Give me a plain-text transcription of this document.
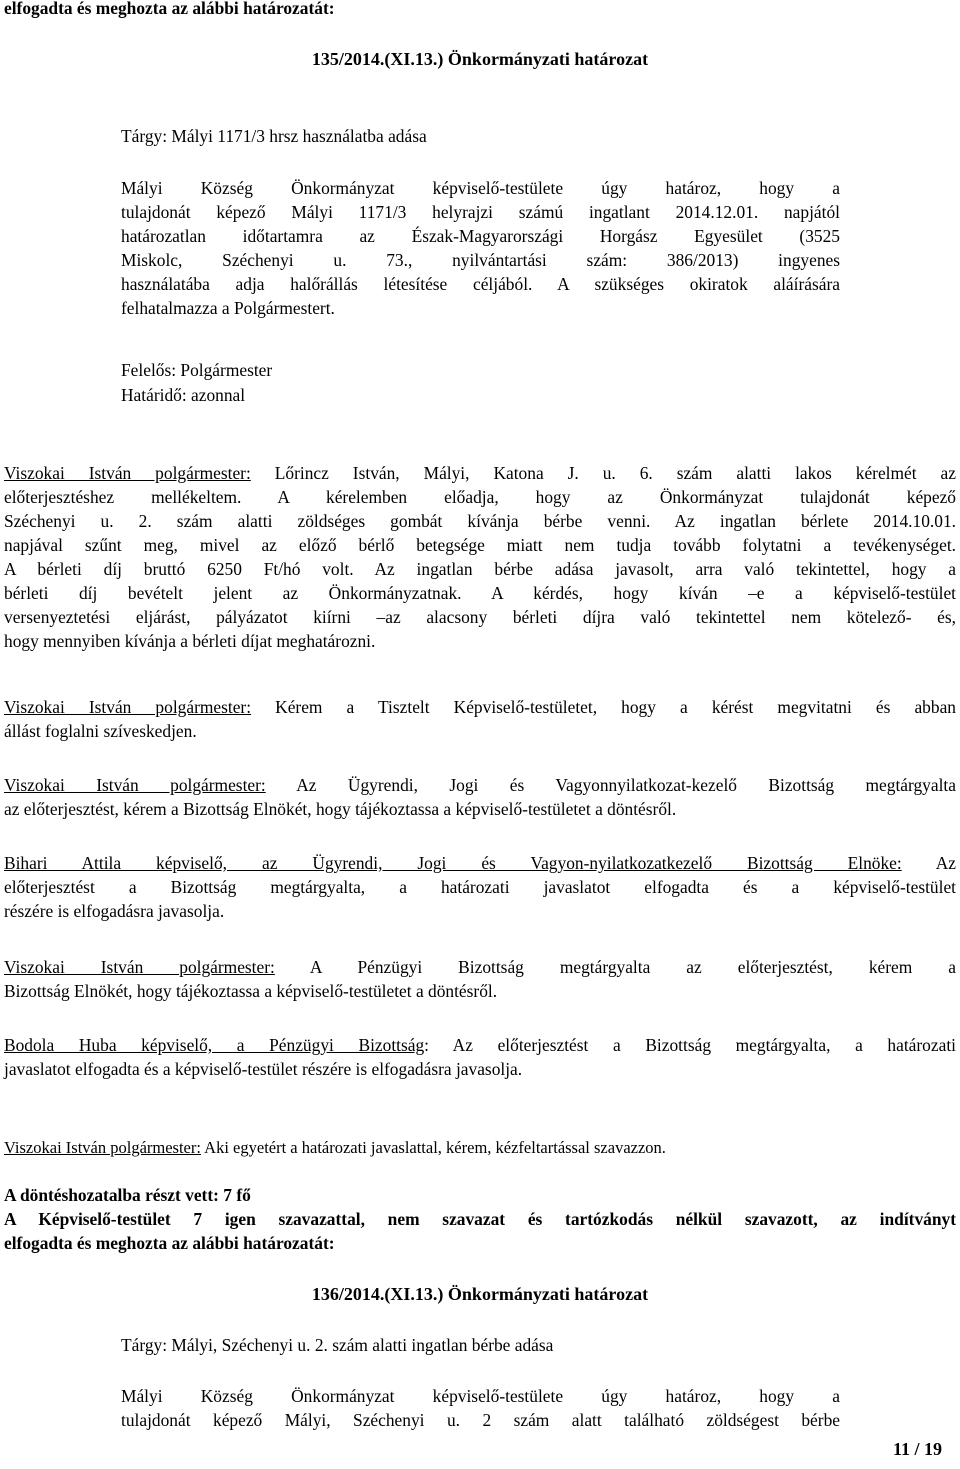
elfogadta és meghozta az alábbi határozatát:
135/2014.(XI.13.) Önkormányzati határozat
Tárgy: Mályi 1171/3 hrsz használatba adása
Mályi Község Önkormányzat képviselő-testülete úgy határoz, hogy a
tulajdonát képező Mályi 1171/3 helyrajzi számú ingatlant 2014.12.01. napjától
határozatlan időtartamra az Észak-Magyarországi Horgász Egyesület (3525
Miskolc, Széchenyi u. 73., nyilvántartási szám: 386/2013) ingyenes
használatába adja halőrállás létesítése céljából. A szükséges okiratok aláírására
felhatalmazza a Polgármestert.
Felelős: Polgármester
Határidő: azonnal
Viszokai István polgármester: Lőrincz István, Mályi, Katona J. u. 6. szám alatti lakos kérelmét az
előterjesztéshez mellékeltem. A kérelemben előadja, hogy az Önkormányzat tulajdonát képező
Széchenyi u. 2. szám alatti zöldséges gombát kívánja bérbe venni. Az ingatlan bérlete 2014.10.01.
napjával szűnt meg, mivel az előző bérlő betegsége miatt nem tudja tovább folytatni a tevékenységet.
A bérleti díj bruttó 6250 Ft/hó volt. Az ingatlan bérbe adása javasolt, arra való tekintettel, hogy a
bérleti díj bevételt jelent az Önkormányzatnak. A kérdés, hogy kíván –e a képviselő-testület
versenyeztetési eljárást, pályázatot kiírni –az alacsony bérleti díjra való tekintettel nem kötelező- és,
hogy mennyiben kívánja a bérleti díjat meghatározni.
Viszokai István polgármester: Kérem a Tisztelt Képviselő-testületet, hogy a kérést megvitatni és abban
állást foglalni szíveskedjen.
Viszokai István polgármester: Az Ügyrendi, Jogi és Vagyonnyilatkozat-kezelő Bizottság megtárgyalta
az előterjesztést, kérem a Bizottság Elnökét, hogy tájékoztassa a képviselő-testületet a döntésről.
Bihari Attila képviselő, az Ügyrendi, Jogi és Vagyon-nyilatkozatkezelő Bizottság Elnöke: Az
előterjesztést a Bizottság megtárgyalta, a határozati javaslatot elfogadta és a képviselő-testület
részére is elfogadásra javasolja.
Viszokai István polgármester: A Pénzügyi Bizottság megtárgyalta az előterjesztést, kérem a
Bizottság Elnökét, hogy tájékoztassa a képviselő-testületet a döntésről.
Bodola Huba képviselő, a Pénzügyi Bizottság: Az előterjesztést a Bizottság megtárgyalta, a határozati
javaslatot elfogadta és a képviselő-testület részére is elfogadásra javasolja.
Viszokai István polgármester: Aki egyetért a határozati javaslattal, kérem, kézfeltartással szavazzon.
A döntéshozatalba részt vett: 7 fő
A Képviselő-testület 7 igen szavazattal, nem szavazat és tartózkodás nélkül szavazott, az indítványt
elfogadta és meghozta az alábbi határozatát:
136/2014.(XI.13.) Önkormányzati határozat
Tárgy: Mályi, Széchenyi u. 2. szám alatti ingatlan bérbe adása
Mályi Község Önkormányzat képviselő-testülete úgy határoz, hogy a
tulajdonát képező Mályi, Széchenyi u. 2 szám alatt található zöldségest bérbe
11 / 19
